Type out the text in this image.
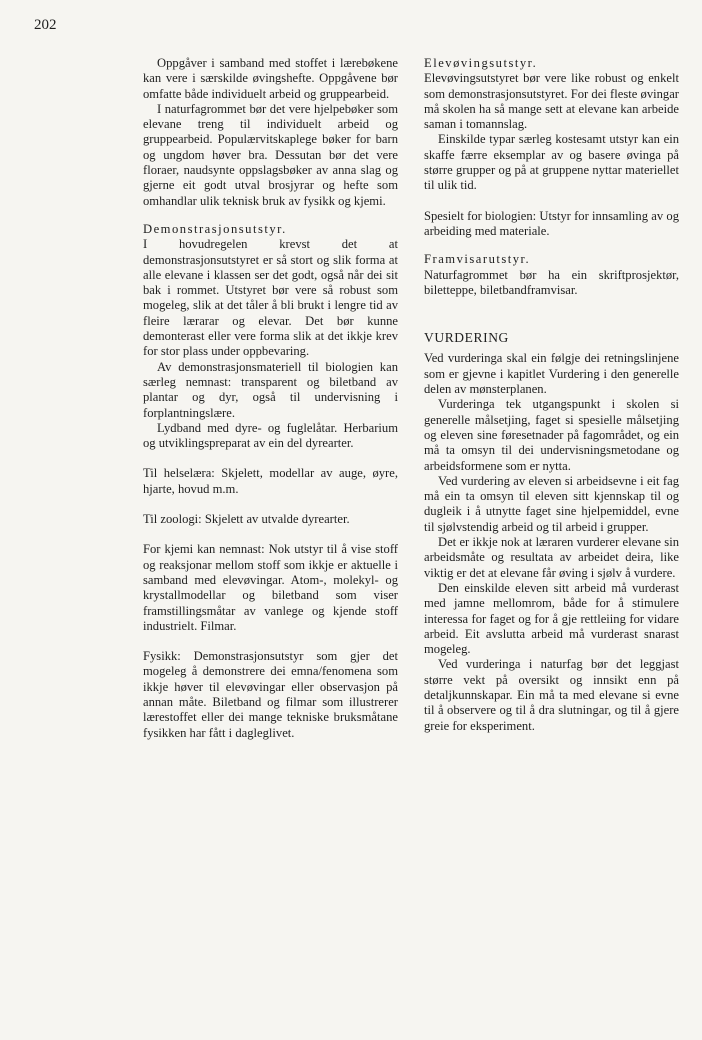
202

Oppgåver i samband med stoffet i lærebøkene kan vere i særskilde øvingshefte. Oppgåvene bør omfatte både individuelt arbeid og gruppearbeid.

I naturfagrommet bør det vere hjelpebøker som elevane treng til individuelt arbeid og gruppearbeid. Populærvitskaplege bøker for barn og ungdom høver bra. Dessutan bør det vere floraer, naudsynte oppslagsbøker av anna slag og gjerne eit godt utval brosjyrar og hefte som omhandlar ulik teknisk bruk av fysikk og kjemi.

Demonstrasjonsutstyr.

I hovudregelen krevst det at demonstrasjonsutstyret er så stort og slik forma at alle elevane i klassen ser det godt, også når dei sit bak i rommet. Utstyret bør vere så robust som mogeleg, slik at det tåler å bli brukt i lengre tid av fleire lærarar og elevar. Det bør kunne demonterast eller vere forma slik at det ikkje krev for stor plass under oppbevaring.

Av demonstrasjonsmateriell til biologien kan særleg nemnast: transparent og biletband av plantar og dyr, også til undervisning i forplantningslære.

Lydband med dyre- og fuglelåtar. Herbarium og utviklingspreparat av ein del dyrearter.

Til helselæra: Skjelett, modellar av auge, øyre, hjarte, hovud m.m.

Til zoologi: Skjelett av utvalde dyrearter.

For kjemi kan nemnast: Nok utstyr til å vise stoff og reaksjonar mellom stoff som ikkje er aktuelle i samband med elevøvingar. Atom-, molekyl- og krystallmodellar og biletband som viser framstillingsmåtar av vanlege og kjende stoff industrielt. Filmar.

Fysikk: Demonstrasjonsutstyr som gjer det mogeleg å demonstrere dei emna/fenomena som ikkje høver til elevøvingar eller observasjon på annan måte. Biletband og filmar som illustrerer lærestoffet eller dei mange tekniske bruksmåtane fysikken har fått i dagleglivet.

Elevøvingsutstyr.

Elevøvingsutstyret bør vere like robust og enkelt som demonstrasjonsutstyret. For dei fleste øvingar må skolen ha så mange sett at elevane kan arbeide saman i tomannslag.

Einskilde typar særleg kostesamt utstyr kan ein skaffe færre eksemplar av og basere øvinga på større grupper og på at gruppene nyttar materiellet til ulik tid.

Spesielt for biologien: Utstyr for innsamling av og arbeiding med materiale.

Framvisarutstyr.

Naturfagrommet bør ha ein skriftprosjektør, biletteppe, biletbandframvisar.

VURDERING

Ved vurderinga skal ein følgje dei retningslinjene som er gjevne i kapitlet Vurdering i den generelle delen av mønsterplanen.

Vurderinga tek utgangspunkt i skolen si generelle målsetjing, faget si spesielle målsetjing og eleven sine føresetnader på fagområdet, og ein må ta omsyn til dei undervisningsmetodane og arbeidsformene som er nytta.

Ved vurdering av eleven si arbeidsevne i eit fag må ein ta omsyn til eleven sitt kjennskap til og dugleik i å utnytte faget sine hjelpemiddel, evne til sjølvstendig arbeid og til arbeid i grupper.

Det er ikkje nok at læraren vurderer elevane sin arbeidsmåte og resultata av arbeidet deira, like viktig er det at elevane får øving i sjølv å vurdere.

Den einskilde eleven sitt arbeid må vurderast med jamne mellomrom, både for å stimulere interessa for faget og for å gje rettleiing for vidare arbeid. Eit avslutta arbeid må vurderast snarast mogeleg.

Ved vurderinga i naturfag bør det leggjast større vekt på oversikt og innsikt enn på detaljkunnskapar. Ein må ta med elevane si evne til å observere og til å dra slutningar, og til å gjere greie for eksperiment.
